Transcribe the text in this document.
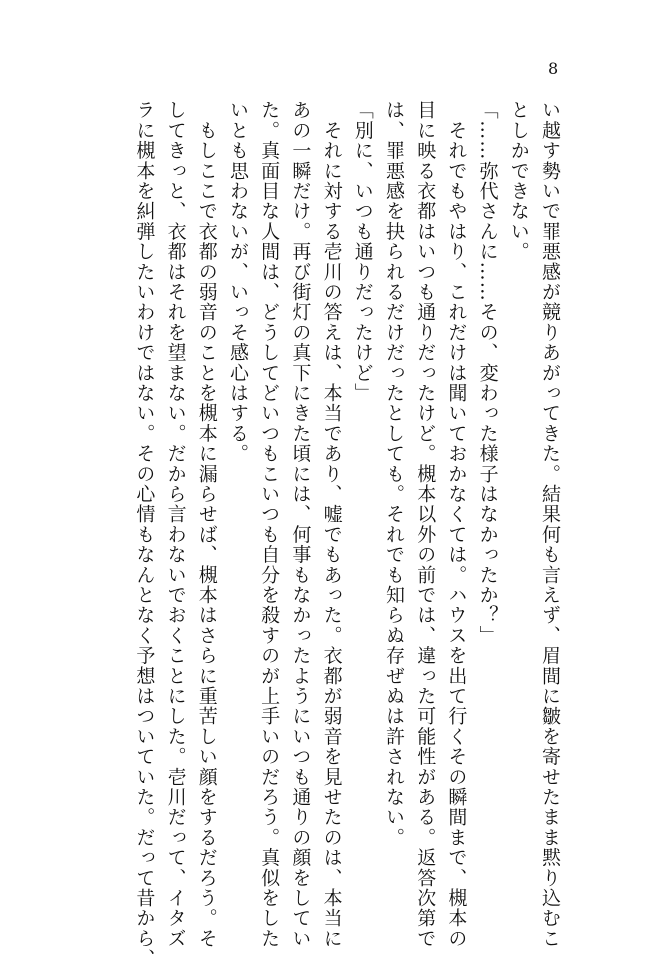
8
い越す勢いで罪悪感が競りあがってきた。結果何も言えず、眉間に皺を寄せたまま黙り込むこ
としかできない。
「……弥代さんに……その、変わった様子はなかったか？」
　それでもやはり、これだけは聞いておかなくては。ハウスを出て行くその瞬間まで、槻本の
目に映る衣都はいつも通りだったけど。槻本以外の前では、違った可能性がある。返答次第で
は、罪悪感を抉られるだけだったとしても。それでも知らぬ存ぜぬは許されない。
「別に、いつも通りだったけど」
　それに対する壱川の答えは、本当であり、嘘でもあった。衣都が弱音を見せたのは、本当に
あの一瞬だけ。再び街灯の真下にきた頃には、何事もなかったようにいつも通りの顔をしてい
た。真面目な人間は、どうしてどいつもこいつも自分を殺すのが上手いのだろう。真似をした
いとも思わないが、いっそ感心はする。
　もしここで衣都の弱音のことを槻本に漏らせば、槻本はさらに重苦しい顔をするだろう。そ
してきっと、衣都はそれを望まない。だから言わないでおくことにした。壱川だって、イタズ
ラに槻本を糾弾したいわけではない。その心情もなんとなく予想はついていた。だって昔から、
